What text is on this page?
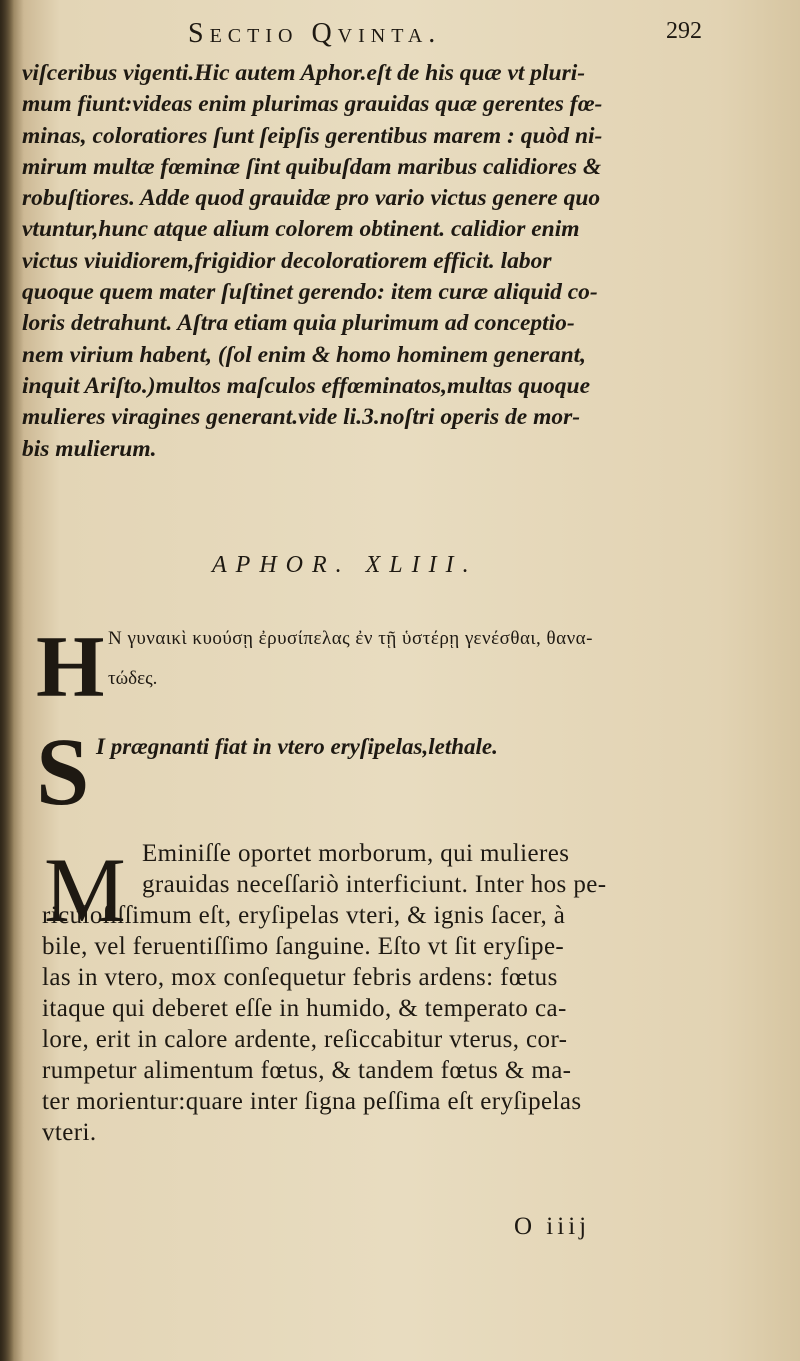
Sectio Qvinta.	292
viſceribus vigenti.Hic autem Aphor.eſt de his quæ vt pluri-
mum fiunt:videas enim plurimas grauidas quæ gerentes fœ-
minas, coloratiores ſunt ſeipſis gerentibus marem : quòd ni-
mirum multæ fœminæ ſint quibuſdam maribus calidiores &
robuſtiores. Adde quod grauidæ pro vario victus genere quo
vtuntur,hunc atque alium colorem obtinent. calidior enim
victus viuidiorem,frigidior decoloratiorem efficit. labor
quoque quem mater ſuſtinet gerendo: item curæ aliquid co-
loris detrahunt. Aſtra etiam quia plurimum ad conceptio-
nem virium habent, (ſol enim & homo hominem generant,
inquit Ariſto.)multos maſculos effœminatos,multas quoque
mulieres viragines generant.vide li.3.noſtri operis de mor-
bis mulierum.
APHOR. XLIII.
H Ν γυναικὶ κυούσῃ ἐρυσίπελας ἐν τῇ ὑστέρῃ γενέσθαι, θανα-
τώδες.
S I prægnanti fiat in vtero eryſipelas,lethale.
M Eminiſſe oportet morborum, qui mulieres
grauidas neceſſariò interficiunt. Inter hos pe-
riculoſiſſimum eſt, eryſipelas vteri, & ignis ſacer, à
bile, vel feruentiſſimo ſanguine. Eſto vt ſit eryſipe-
las in vtero, mox conſequetur febris ardens: fœtus
itaque qui deberet eſſe in humido, & temperato ca-
lore, erit in calore ardente, reſiccabitur vterus, cor-
rumpetur alimentum fœtus, & tandem fœtus & ma-
ter morientur:quare inter ſigna peſſima eſt eryſipelas
vteri.
O iiij
